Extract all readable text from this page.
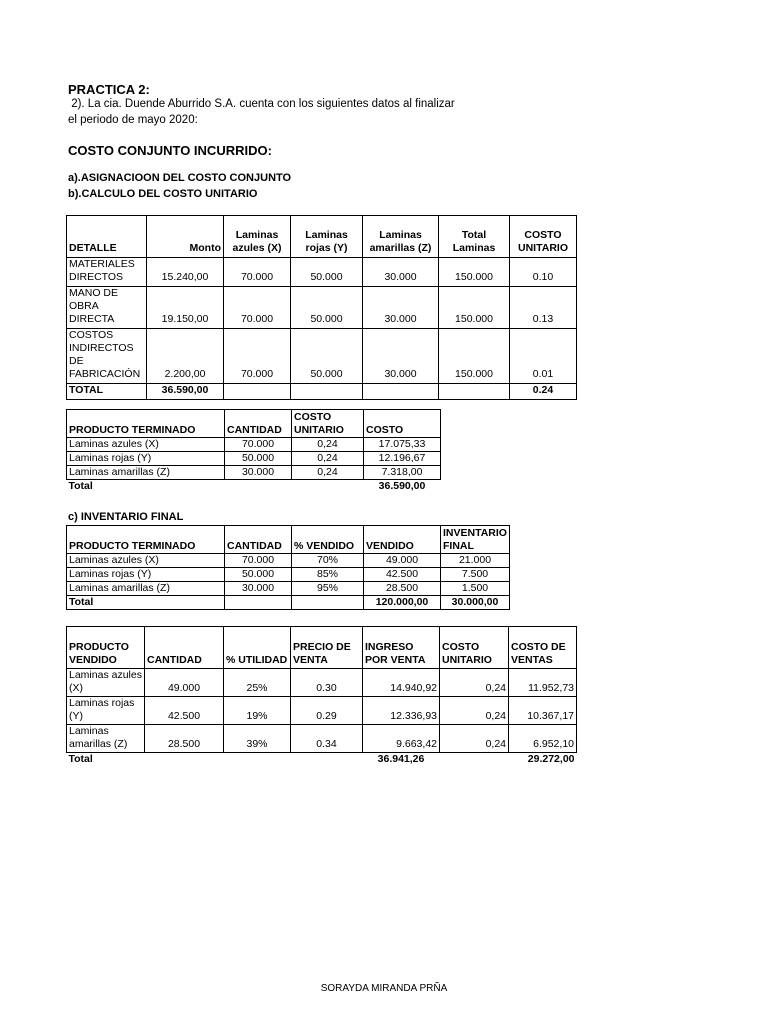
PRACTICA 2:
2). La cia. Duende Aburrido S.A. cuenta con los siguientes datos al finalizar
el periodo de mayo 2020:
COSTO CONJUNTO INCURRIDO:
a).ASIGNACIOON DEL COSTO CONJUNTO
b).CALCULO DEL COSTO UNITARIO
DETALLE	Monto	Laminas azules (X)	Laminas rojas (Y)	Laminas amarillas (Z)	Total Laminas	COSTO UNITARIO
MATERIALES DIRECTOS	15.240,00	70.000	50.000	30.000	150.000	0.10
MANO DE OBRA DIRECTA	19.150,00	70.000	50.000	30.000	150.000	0.13
COSTOS INDIRECTOS DE FABRICACIÓN	2.200,00	70.000	50.000	30.000	150.000	0.01
TOTAL	36.590,00					0.24
PRODUCTO TERMINADO	CANTIDAD	COSTO UNITARIO	COSTO
Laminas azules (X)	70.000	0,24	17.075,33
Laminas rojas (Y)	50.000	0,24	12.196,67
Laminas amarillas (Z)	30.000	0,24	7.318,00
Total			36.590,00
c) INVENTARIO FINAL
PRODUCTO TERMINADO	CANTIDAD	% VENDIDO	VENDIDO	INVENTARIO FINAL
Laminas azules (X)	70.000	70%	49.000	21.000
Laminas rojas (Y)	50.000	85%	42.500	7.500
Laminas amarillas (Z)	30.000	95%	28.500	1.500
Total			120.000,00	30.000,00
PRODUCTO VENDIDO	CANTIDAD	% UTILIDAD	PRECIO DE VENTA	INGRESO POR VENTA	COSTO UNITARIO	COSTO DE VENTAS
Laminas azules (X)	49.000	25%	0.30	14.940,92	0,24	11.952,73
Laminas rojas (Y)	42.500	19%	0.29	12.336,93	0,24	10.367,17
Laminas amarillas (Z)	28.500	39%	0.34	9.663,42	0,24	6.952,10
Total				36.941,26		29.272,00
SORAYDA MIRANDA PRÑA
